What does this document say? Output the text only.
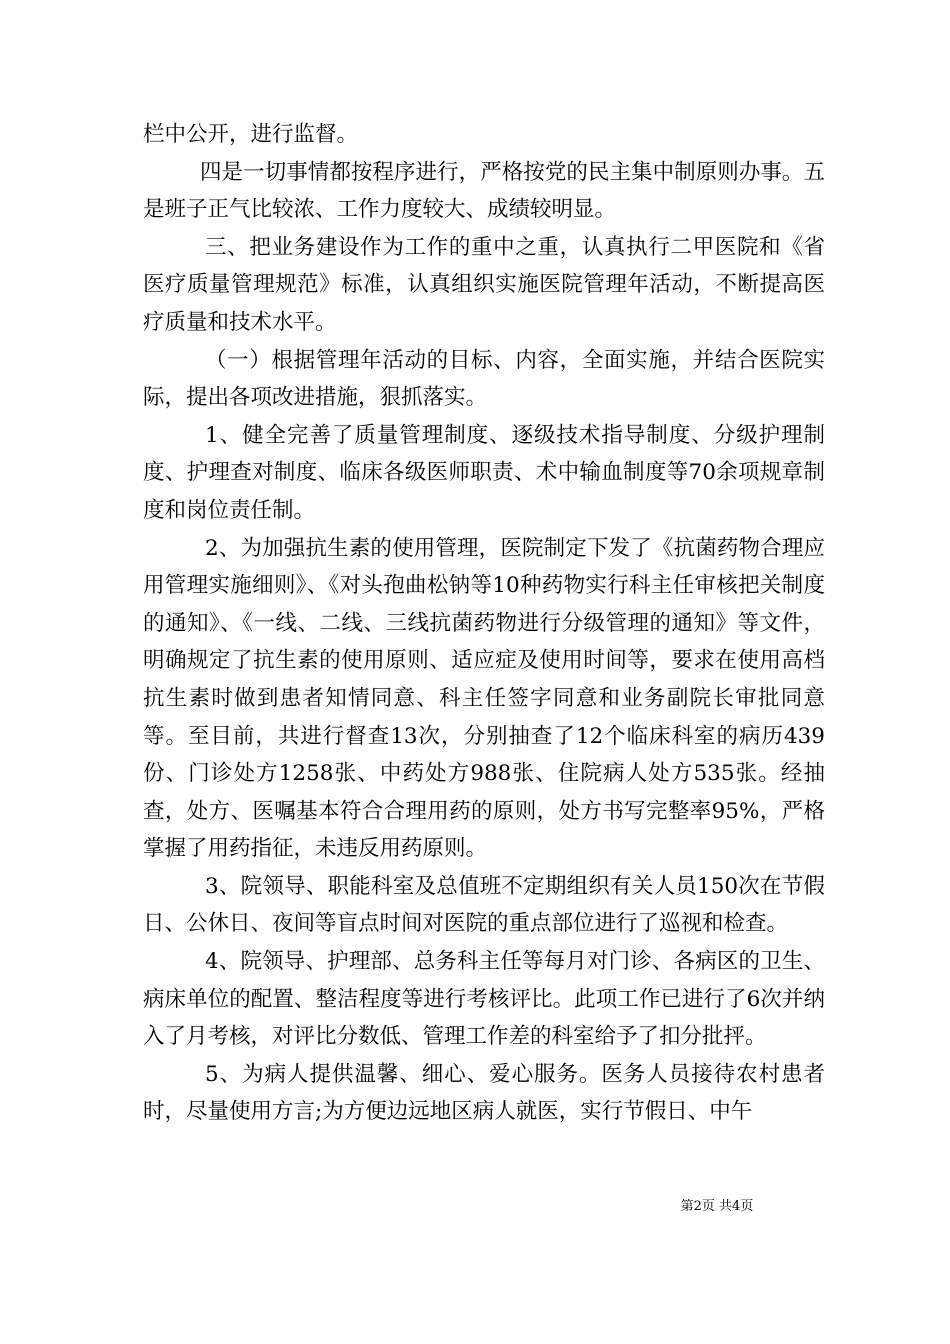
栏中公开，进行监督。

四是一切事情都按程序进行，严格按党的民主集中制原则办事。五是班子正气比较浓、工作力度较大、成绩较明显。

三、把业务建设作为工作的重中之重，认真执行二甲医院和《省医疗质量管理规范》标准，认真组织实施医院管理年活动，不断提高医疗质量和技术水平。

（一）根据管理年活动的目标、内容，全面实施，并结合医院实际，提出各项改进措施，狠抓落实。

1、健全完善了质量管理制度、逐级技术指导制度、分级护理制度、护理查对制度、临床各级医师职责、术中输血制度等70余项规章制度和岗位责任制。

2、为加强抗生素的使用管理，医院制定下发了《抗菌药物合理应用管理实施细则》、《对头孢曲松钠等10种药物实行科主任审核把关制度的通知》、《一线、二线、三线抗菌药物进行分级管理的通知》等文件，明确规定了抗生素的使用原则、适应症及使用时间等，要求在使用高档抗生素时做到患者知情同意、科主任签字同意和业务副院长审批同意等。至目前，共进行督查13次，分别抽查了12个临床科室的病历439份、门诊处方1258张、中药处方988张、住院病人处方535张。经抽查，处方、医嘱基本符合合理用药的原则，处方书写完整率95%，严格掌握了用药指征，未违反用药原则。

3、院领导、职能科室及总值班不定期组织有关人员150次在节假日、公休日、夜间等盲点时间对医院的重点部位进行了巡视和检查。

4、院领导、护理部、总务科主任等每月对门诊、各病区的卫生、病床单位的配置、整洁程度等进行考核评比。此项工作已进行了6次并纳入了月考核，对评比分数低、管理工作差的科室给予了扣分批抨。

5、为病人提供温馨、细心、爱心服务。医务人员接待农村患者时，尽量使用方言;为方便边远地区病人就医，实行节假日、中午

第2页 共4页
